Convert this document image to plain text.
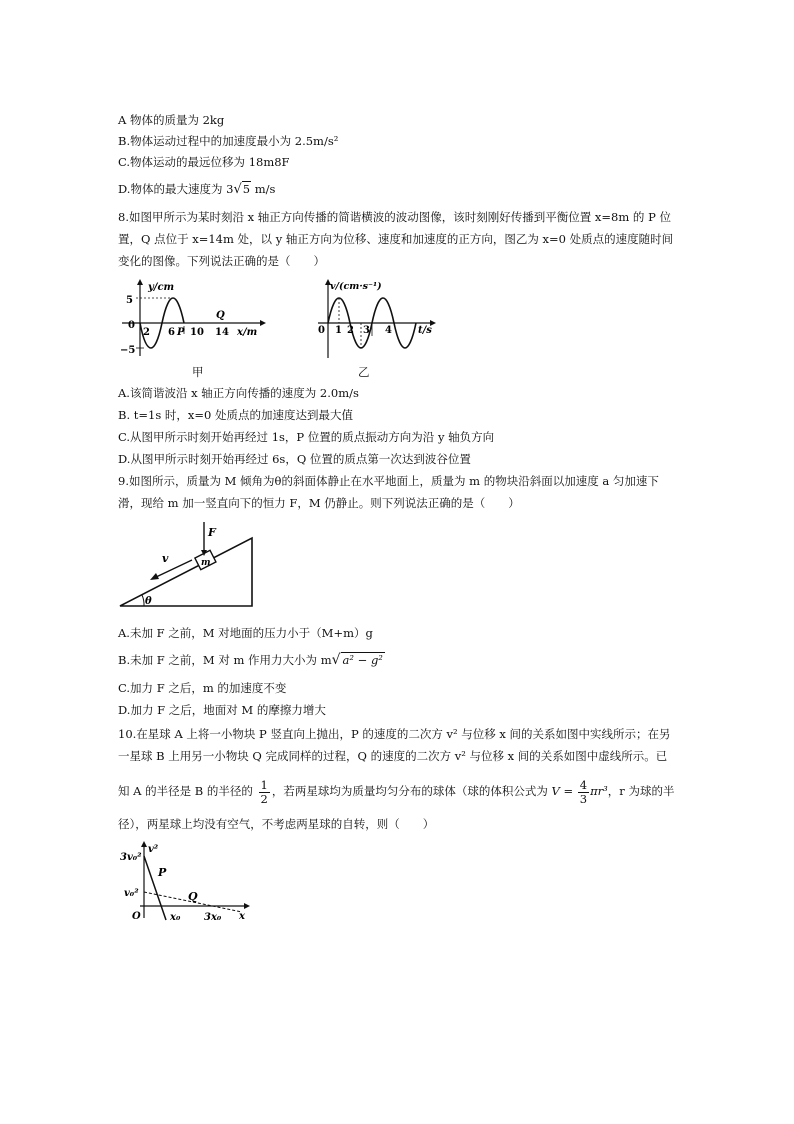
A 物体的质量为 2kg
B.物体运动过程中的加速度最小为 2.5m/s²
C.物体运动的最远位移为 18m8F
D.物体的最大速度为 3√5 m/s
8.如图甲所示为某时刻沿 x 轴正方向传播的简谐横波的波动图像，该时刻刚好传播到平衡位置 x=8m 的 P 位置，Q 点位于 x=14m 处，以 y 轴正方向为位移、速度和加速度的正方向，图乙为 x=0 处质点的速度随时间变化的图像。下列说法正确的是（　　）
y/cm
5
0
−5
2 6 P 10 14
Q
x/m
甲
v/(cm·s⁻¹)
0 1 2 3 4	t/s
乙
A.该简谐波沿 x 轴正方向传播的速度为 2.0m/s
B. t=1s 时，x=0 处质点的加速度达到最大值
C.从图甲所示时刻开始再经过 1s，P 位置的质点振动方向为沿 y 轴负方向
D.从图甲所示时刻开始再经过 6s，Q 位置的质点第一次达到波谷位置
9.如图所示，质量为 M 倾角为θ的斜面体静止在水平地面上，质量为 m 的物块沿斜面以加速度 a 匀加速下滑，现给 m 加一竖直向下的恒力 F，M 仍静止。则下列说法正确的是（　　）
F
v	m
θ
A.未加 F 之前，M 对地面的压力小于（M+m）g
B.未加 F 之前，M 对 m 作用力大小为 m√ a² − g²
C.加力 F 之后，m 的加速度不变
D.加力 F 之后，地面对 M 的摩擦力增大
10.在星球 A 上将一小物块 P 竖直向上抛出，P 的速度的二次方 v² 与位移 x 间的关系如图中实线所示；在另一星球 B 上用另一小物块 Q 完成同样的过程，Q 的速度的二次方 v² 与位移 x 间的关系如图中虚线所示。已
知 A 的半径是 B 的半径的 $\frac{1}{2}$ ，若两星球均为质量均匀分布的球体（球的体积公式为 $V = \frac{4}{3} \pi r^3$，r 为球的半
径），两星球上均没有空气，不考虑两星球的自转，则（　　）
3v₀²
v²
v₀²
O
P
Q
x₀ 3x₀ x
